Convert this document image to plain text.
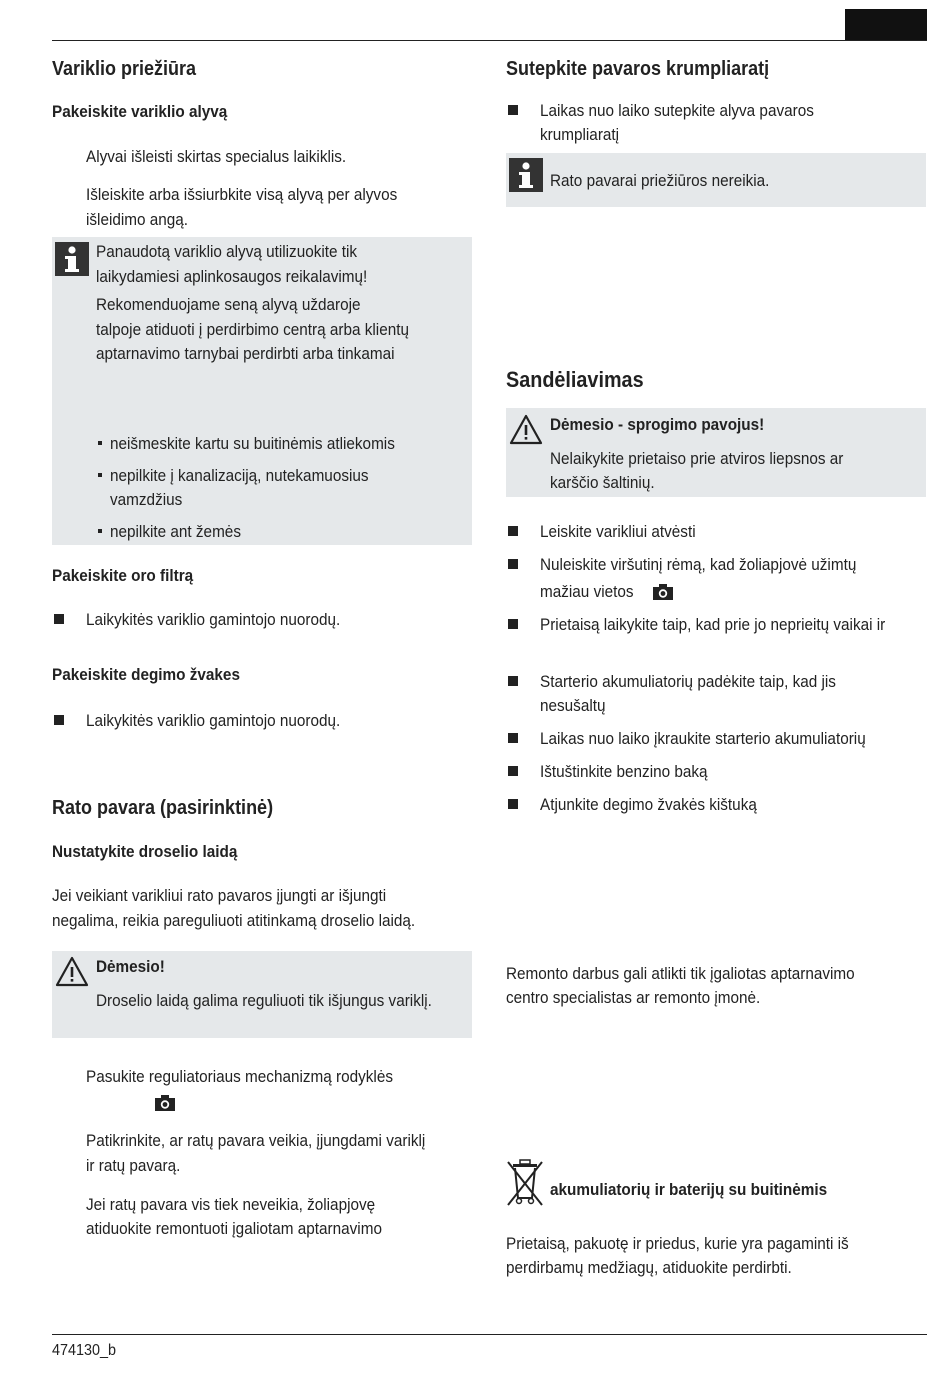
Variklio priežiūra
Pakeiskite variklio alyvą
Alyvai išleisti skirtas specialus laikiklis.
Išleiskite arba išsiurbkite visą alyvą per alyvos
išleidimo angą.
Panaudotą variklio alyvą utilizuokite tik
laikydamiesi aplinkosaugos reikalavimų!
Rekomenduojame seną alyvą uždaroje
talpoje atiduoti į perdirbimo centrą arba klientų
aptarnavimo tarnybai perdirbti arba tinkamai
neišmeskite kartu su buitinėmis atliekomis
nepilkite į kanalizaciją, nutekamuosius
vamzdžius
nepilkite ant žemės
Pakeiskite oro filtrą
Laikykitės variklio gamintojo nuorodų.
Pakeiskite degimo žvakes
Laikykitės variklio gamintojo nuorodų.
Rato pavara (pasirinktinė)
Nustatykite droselio laidą
Jei veikiant varikliui rato pavaros įjungti ar išjungti
negalima, reikia pareguliuoti atitinkamą droselio laidą.
Dėmesio!
Droselio laidą galima reguliuoti tik išjungus variklį.
Pasukite reguliatoriaus mechanizmą rodyklės
Patikrinkite, ar ratų pavara veikia, įjungdami variklį
ir ratų pavarą.
Jei ratų pavara vis tiek neveikia, žoliapjovę
atiduokite remontuoti įgaliotam aptarnavimo
Sutepkite pavaros krumpliaratį
Laikas nuo laiko sutepkite alyva pavaros
krumpliaratį
Rato pavarai priežiūros nereikia.
Sandėliavimas
Dėmesio - sprogimo pavojus!
Nelaikykite prietaiso prie atviros liepsnos ar
karščio šaltinių.
Leiskite varikliui atvėsti
Nuleiskite viršutinį rėmą, kad žoliapjovė užimtų
mažiau vietos
Prietaisą laikykite taip, kad prie jo neprieitų vaikai ir
Starterio akumuliatorių padėkite taip, kad jis
nesušaltų
Laikas nuo laiko įkraukite starterio akumuliatorių
Ištuštinkite benzino baką
Atjunkite degimo žvakės kištuką
Remonto darbus gali atlikti tik įgaliotas aptarnavimo
centro specialistas ar remonto įmonė.
akumuliatorių ir baterijų su buitinėmis
Prietaisą, pakuotę ir priedus, kurie yra pagaminti iš
perdirbamų medžiagų, atiduokite perdirbti.
474130_b
